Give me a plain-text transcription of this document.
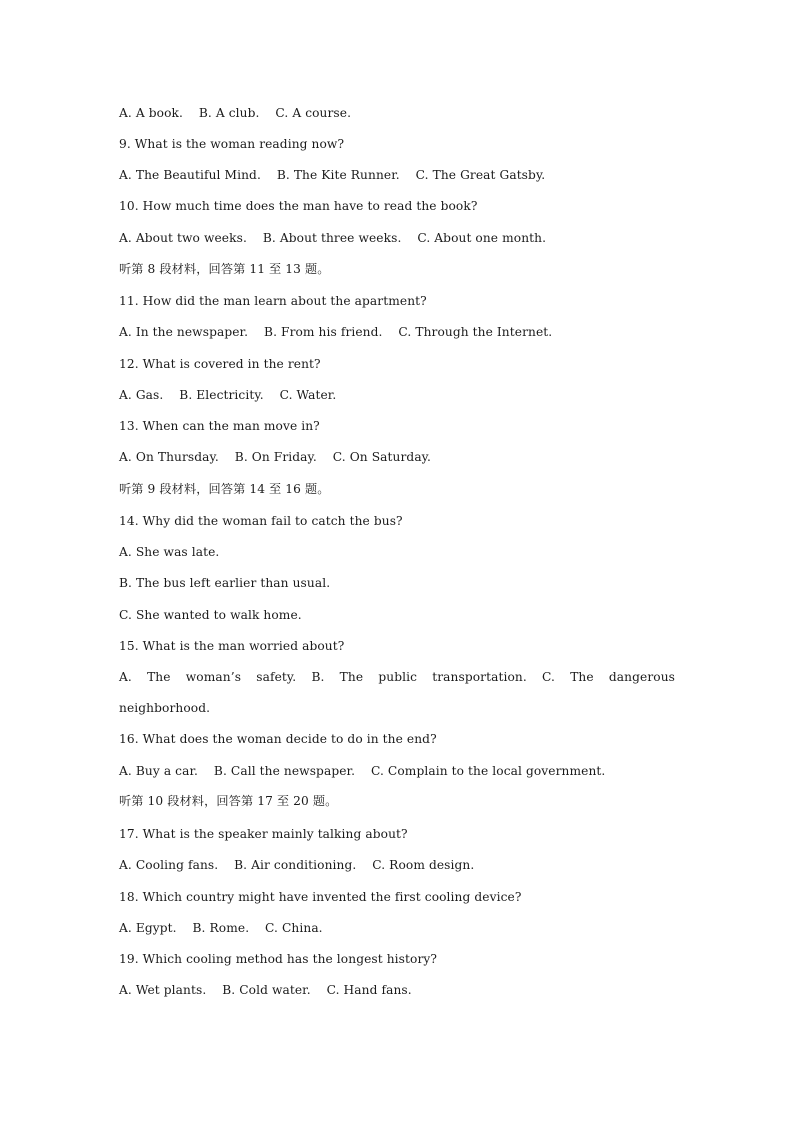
A. A book.    B. A club.    C. A course.
9. What is the woman reading now?
A. The Beautiful Mind.    B. The Kite Runner.    C. The Great Gatsby.
10. How much time does the man have to read the book?
A. About two weeks.    B. About three weeks.    C. About one month.
听第 8 段材料，回答第 11 至 13 题。
11. How did the man learn about the apartment?
A. In the newspaper.    B. From his friend.    C. Through the Internet.
12. What is covered in the rent?
A. Gas.    B. Electricity.    C. Water.
13. When can the man move in?
A. On Thursday.    B. On Friday.    C. On Saturday.
听第 9 段材料，回答第 14 至 16 题。
14. Why did the woman fail to catch the bus?
A. She was late.
B. The bus left earlier than usual.
C. She wanted to walk home.
15. What is the man worried about?
A. The woman’s safety. B. The public transportation. C. The dangerous
neighborhood.
16. What does the woman decide to do in the end?
A. Buy a car.    B. Call the newspaper.    C. Complain to the local government.
听第 10 段材料，回答第 17 至 20 题。
17. What is the speaker mainly talking about?
A. Cooling fans.    B. Air conditioning.    C. Room design.
18. Which country might have invented the first cooling device?
A. Egypt.    B. Rome.    C. China.
19. Which cooling method has the longest history?
A. Wet plants.    B. Cold water.    C. Hand fans.
